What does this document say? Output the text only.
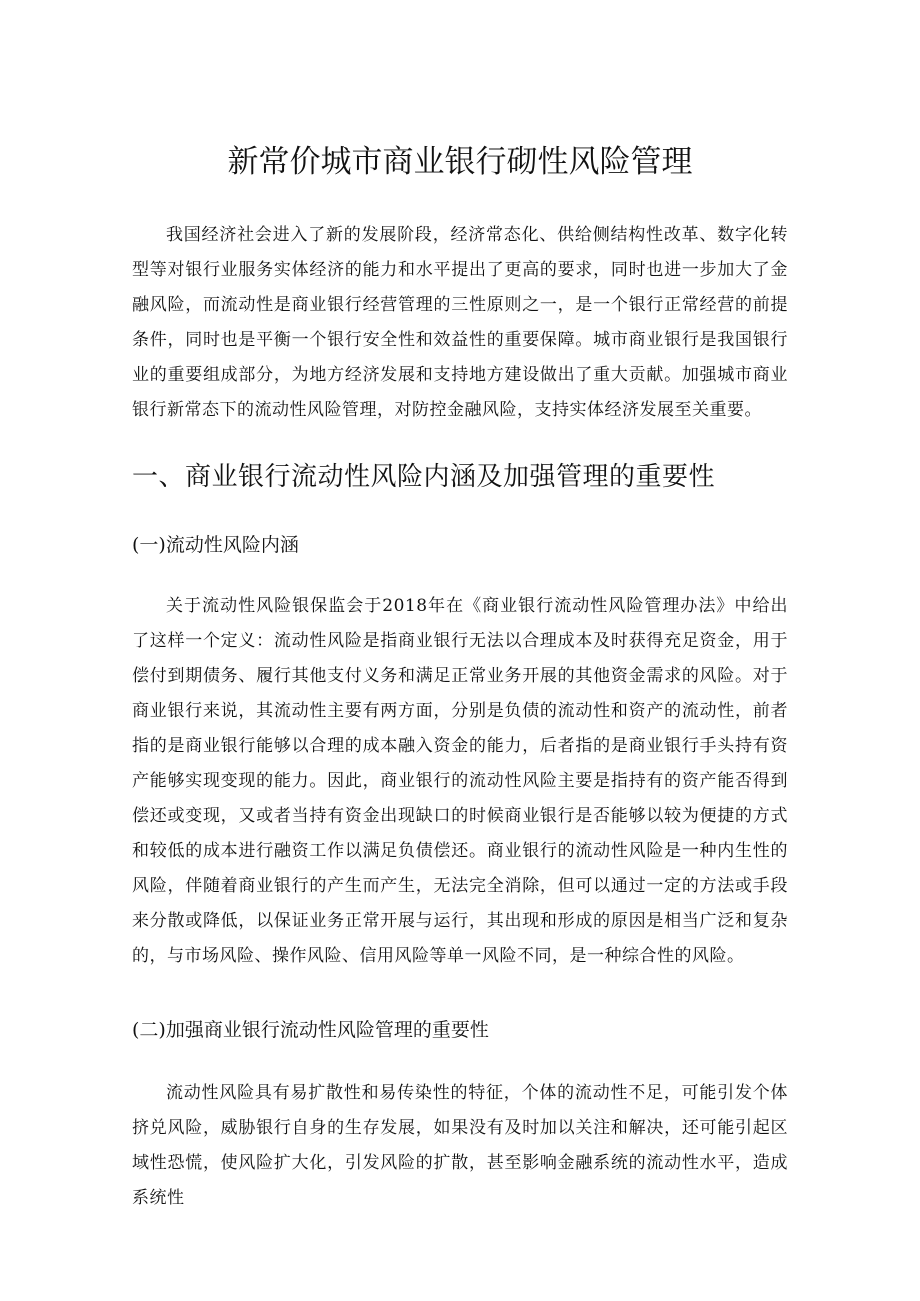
新常价城市商业银行砌性风险管理

我国经济社会进入了新的发展阶段，经济常态化、供给侧结构性改革、数字化转型等对银行业服务实体经济的能力和水平提出了更高的要求，同时也进一步加大了金融风险，而流动性是商业银行经营管理的三性原则之一，是一个银行正常经营的前提条件，同时也是平衡一个银行安全性和效益性的重要保障。城市商业银行是我国银行业的重要组成部分，为地方经济发展和支持地方建设做出了重大贡献。加强城市商业银行新常态下的流动性风险管理，对防控金融风险，支持实体经济发展至关重要。

一、商业银行流动性风险内涵及加强管理的重要性
(一)流动性风险内涵

关于流动性风险银保监会于2018年在《商业银行流动性风险管理办法》中给出了这样一个定义：流动性风险是指商业银行无法以合理成本及时获得充足资金，用于偿付到期债务、履行其他支付义务和满足正常业务开展的其他资金需求的风险。对于商业银行来说，其流动性主要有两方面，分别是负债的流动性和资产的流动性，前者指的是商业银行能够以合理的成本融入资金的能力，后者指的是商业银行手头持有资产能够实现变现的能力。因此，商业银行的流动性风险主要是指持有的资产能否得到偿还或变现，又或者当持有资金出现缺口的时候商业银行是否能够以较为便捷的方式和较低的成本进行融资工作以满足负债偿还。商业银行的流动性风险是一种内生性的风险，伴随着商业银行的产生而产生，无法完全消除，但可以通过一定的方法或手段来分散或降低，以保证业务正常开展与运行，其出现和形成的原因是相当广泛和复杂的，与市场风险、操作风险、信用风险等单一风险不同，是一种综合性的风险。

(二)加强商业银行流动性风险管理的重要性

流动性风险具有易扩散性和易传染性的特征，个体的流动性不足，可能引发个体挤兑风险，威胁银行自身的生存发展，如果没有及时加以关注和解决，还可能引起区域性恐慌，使风险扩大化，引发风险的扩散，甚至影响金融系统的流动性水平，造成系统性
